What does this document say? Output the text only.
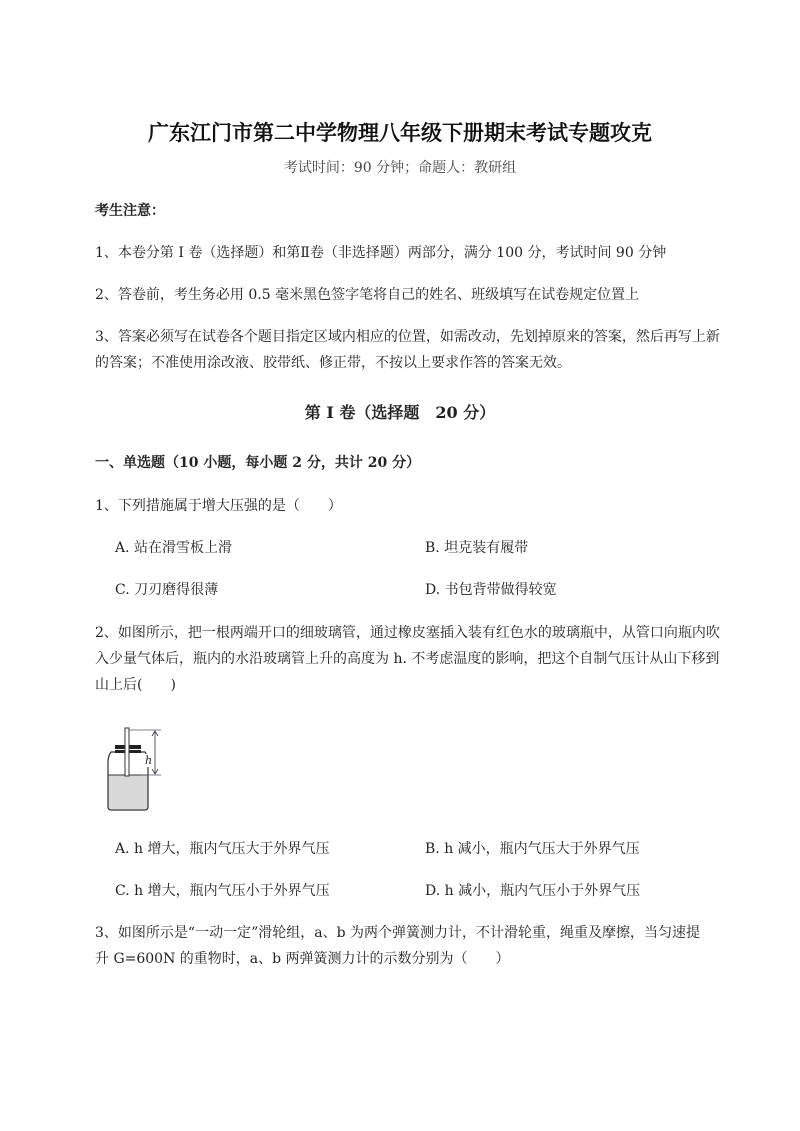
广东江门市第二中学物理八年级下册期末考试专题攻克
考试时间：90 分钟；命题人：教研组
考生注意：
1、本卷分第 I 卷（选择题）和第Ⅱ卷（非选择题）两部分，满分 100 分，考试时间 90 分钟
2、答卷前，考生务必用 0.5 毫米黑色签字笔将自己的姓名、班级填写在试卷规定位置上
3、答案必须写在试卷各个题目指定区域内相应的位置，如需改动，先划掉原来的答案，然后再写上新
的答案；不准使用涂改液、胶带纸、修正带，不按以上要求作答的答案无效。
第 I 卷（选择题　20 分）
一、单选题（10 小题，每小题 2 分，共计 20 分）
1、下列措施属于增大压强的是（　　）
A. 站在滑雪板上滑	B. 坦克装有履带
C. 刀刃磨得很薄	D. 书包背带做得较宽
2、如图所示，把一根两端开口的细玻璃管，通过橡皮塞插入装有红色水的玻璃瓶中，从管口向瓶内吹
入少量气体后，瓶内的水沿玻璃管上升的高度为 h. 不考虑温度的影响，把这个自制气压计从山下移到
山上后(　　)
h
A. h 增大，瓶内气压大于外界气压	B. h 减小，瓶内气压大于外界气压
C. h 增大，瓶内气压小于外界气压	D. h 减小，瓶内气压小于外界气压
3、如图所示是“一动一定”滑轮组，a、b 为两个弹簧测力计，不计滑轮重，绳重及摩擦，当匀速提
升 G=600N 的重物时，a、b 两弹簧测力计的示数分别为（　　）
